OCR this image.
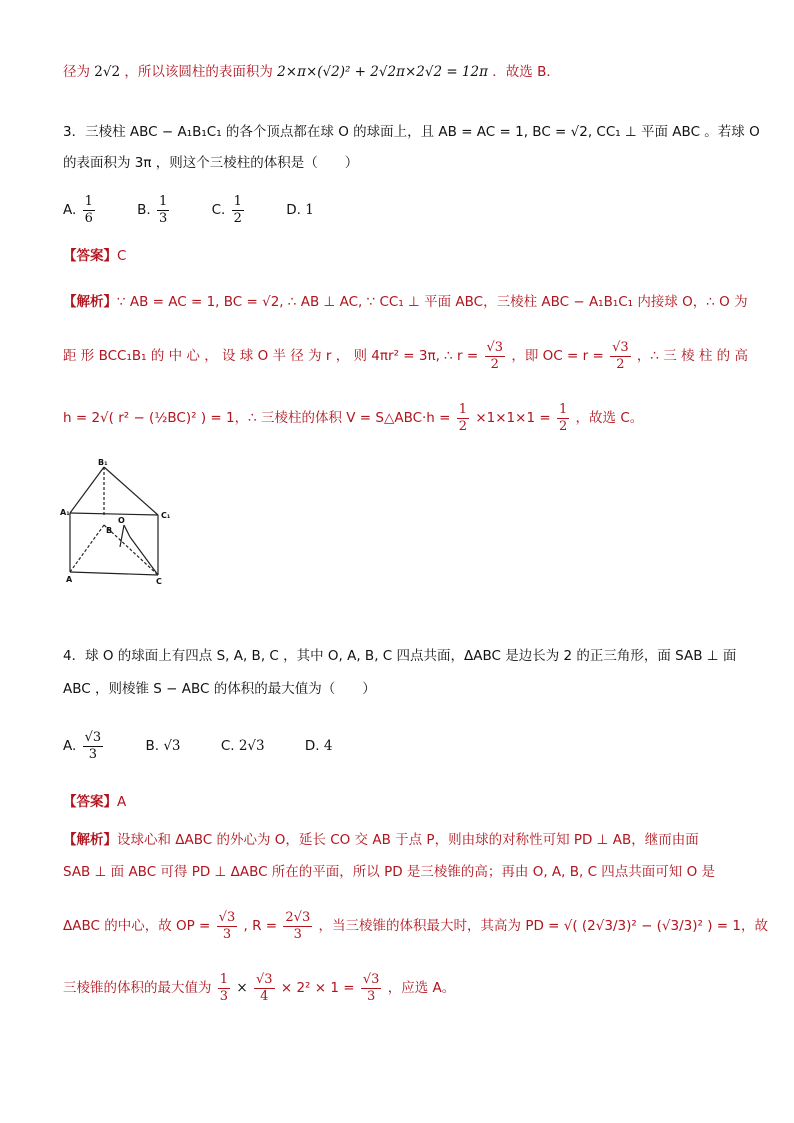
径为 2√2 ，所以该圆柱的表面积为 2×π×(√2)² + 2√2π×2√2 = 12π ．故选 B．
3．三棱柱 ABC − A₁B₁C₁ 的各个顶点都在球 O 的球面上，且 AB = AC = 1, BC = √2, CC₁ ⊥ 平面 ABC 。若球 O
的表面积为 3π ，则这个三棱柱的体积是（　　）
A. $\frac{1}{6}$	B. $\frac{1}{3}$	C. $\frac{1}{2}$	D. 1
【答案】C
【解析】∵ AB = AC = 1, BC = √2, ∴ AB ⊥ AC, ∵ CC₁ ⊥ 平面 ABC，三棱柱 ABC − A₁B₁C₁ 内接球 O，∴ O 为
距 形 BCC₁B₁ 的 中 心 ， 设 球 O 半 径 为 r ， 则 4πr² = 3π, ∴ $r = \frac{√3}{2}$ ，即 OC = $r = \frac{√3}{2}$ ，∴ 三 棱 柱 的 高
h = 2√( r² − (½BC)² ) = 1，∴ 三棱柱的体积 V = S△ABC·h = $\frac{1}{2} \times 1\times 1\times 1 = \frac{1}{2}$ ，故选 C。
B₁
A₁	C₁
O
B
A	C
4．球 O 的球面上有四点 S, A, B, C ，其中 O, A, B, C 四点共面，ΔABC 是边长为 2 的正三角形，面 SAB ⊥ 面
ABC ，则棱锥 S − ABC 的体积的最大值为（　　）
A. $\frac{√3}{3}$	B. √3	C. 2√3	D. 4
【答案】A
【解析】设球心和 ΔABC 的外心为 O，延长 CO 交 AB 于点 P，则由球的对称性可知 PD ⊥ AB，继而由面
SAB ⊥ 面 ABC 可得 PD ⊥ ΔABC 所在的平面，所以 PD 是三棱锥的高；再由 O, A, B, C 四点共面可知 O 是
ΔABC 的中心，故 OP = $\frac{√3}{3}$ , $R = \frac{2√3}{3}$ ，当三棱锥的体积最大时，其高为 PD = √( (2√3/3)² − (√3/3)² ) = 1，故
三棱锥的体积的最大值为 $\frac{1}{3} \times \frac{√3}{4} \times 2^2 \times 1 = \frac{√3}{3}$ ，应选 A。
